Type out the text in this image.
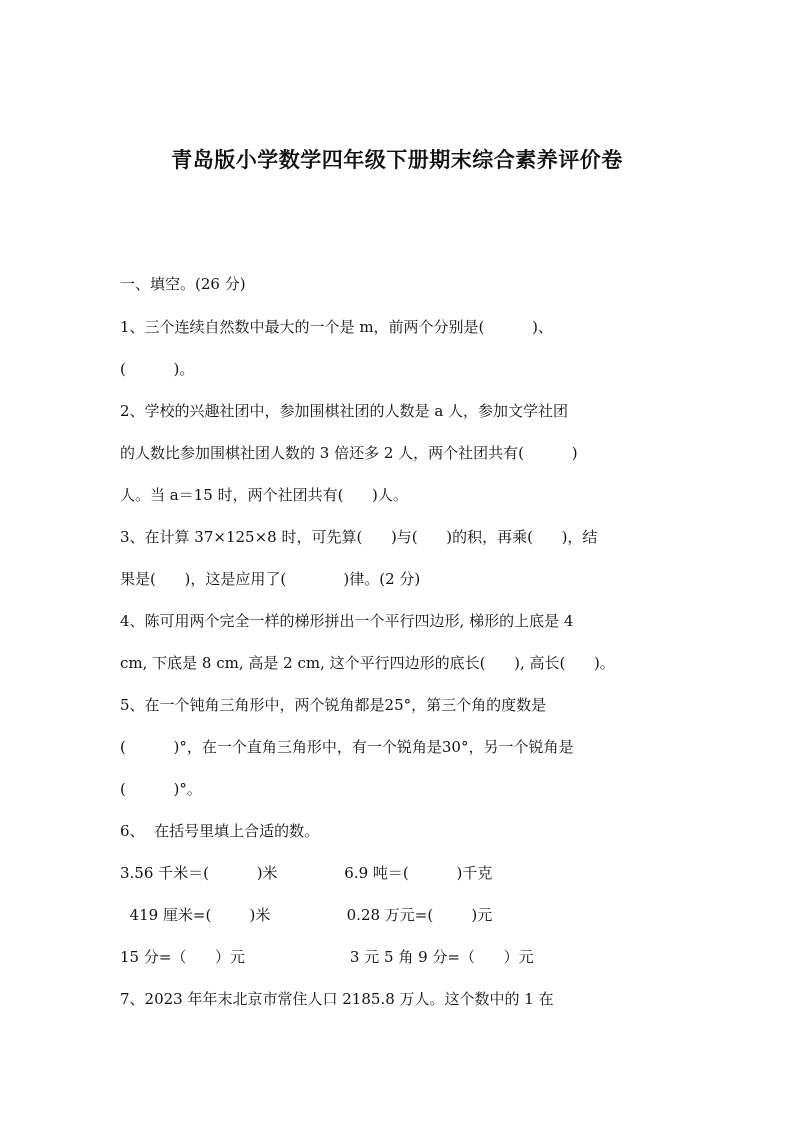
青岛版小学数学四年级下册期末综合素养评价卷
一、填空。(26 分)
1、三个连续自然数中最大的一个是 m，前两个分别是(          )、
(          )。
2、学校的兴趣社团中，参加围棋社团的人数是 a 人，参加文学社团
的人数比参加围棋社团人数的 3 倍还多 2 人，两个社团共有(          )
人。当 a＝15 时，两个社团共有(      )人。
3、在计算 37×125×8 时，可先算(      )与(      )的积，再乘(      )，结
果是(      )，这是应用了(            )律。(2 分)
4、陈可用两个完全一样的梯形拼出一个平行四边形, 梯形的上底是 4
cm, 下底是 8 cm, 高是 2 cm, 这个平行四边形的底长(      ), 高长(      )。
5、在一个钝角三角形中，两个锐角都是25°，第三个角的度数是
(          )°，在一个直角三角形中，有一个锐角是30°，另一个锐角是
(          )°。
6、  在括号里填上合适的数。
3.56 千米＝(          )米              6.9 吨＝(          )千克
419 厘米=(        )米                0.28 万元=(        )元
15 分=（      ）元                      3 元 5 角 9 分=（      ）元
7、2023 年年末北京市常住人口 2185.8 万人。这个数中的 1 在
